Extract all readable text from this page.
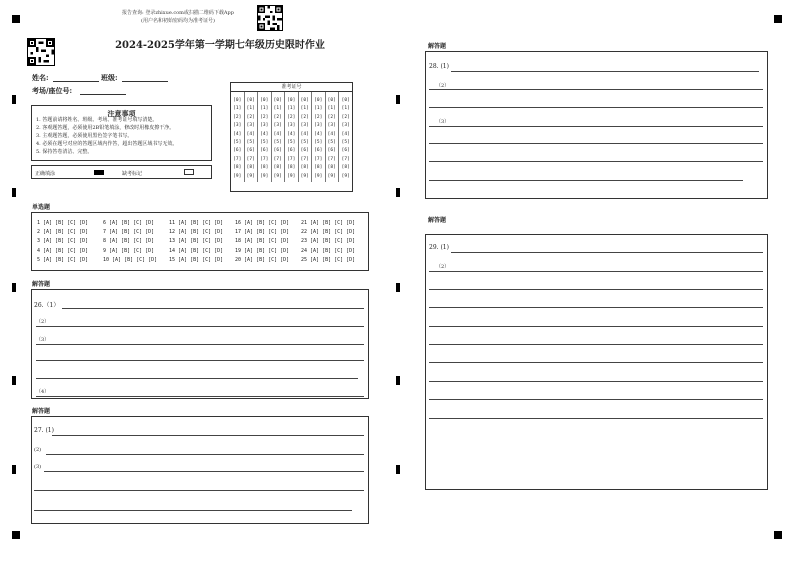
报告查询: 登录zhixue.com或扫描二维码下载App
(用户名和初始密码均为准考证号)
2024-2025学年第一学期七年级历史限时作业
姓名:	班级:
考场/座位号:
注意事项
1. 答题前请将姓名、班级、考场、准考证号填写清楚。
2. 客观题答题，必须使用2B铅笔填涂，修改时用橡皮擦干净。
3. 主观题答题，必须使用黑色签字笔书写。
4. 必须在题号对应的答题区域内作答，超出答题区域书写无效。
5. 保持答卷清洁、完整。
正确填涂	缺考标记
准考证号
[0]
[1]
[2]
[3]
[4]
[5]
[6]
[7]
[8]
[9]
[0]
[1]
[2]
[3]
[4]
[5]
[6]
[7]
[8]
[9]
[0]
[1]
[2]
[3]
[4]
[5]
[6]
[7]
[8]
[9]
[0]
[1]
[2]
[3]
[4]
[5]
[6]
[7]
[8]
[9]
[0]
[1]
[2]
[3]
[4]
[5]
[6]
[7]
[8]
[9]
[0]
[1]
[2]
[3]
[4]
[5]
[6]
[7]
[8]
[9]
[0]
[1]
[2]
[3]
[4]
[5]
[6]
[7]
[8]
[9]
[0]
[1]
[2]
[3]
[4]
[5]
[6]
[7]
[8]
[9]
[0]
[1]
[2]
[3]
[4]
[5]
[6]
[7]
[8]
[9]
单选题
1 [A] [B] [C] [D]
2 [A] [B] [C] [D]
3 [A] [B] [C] [D]
4 [A] [B] [C] [D]
5 [A] [B] [C] [D]
6 [A] [B] [C] [D]
7 [A] [B] [C] [D]
8 [A] [B] [C] [D]
9 [A] [B] [C] [D]
10 [A] [B] [C] [D]
11 [A] [B] [C] [D]
12 [A] [B] [C] [D]
13 [A] [B] [C] [D]
14 [A] [B] [C] [D]
15 [A] [B] [C] [D]
16 [A] [B] [C] [D]
17 [A] [B] [C] [D]
18 [A] [B] [C] [D]
19 [A] [B] [C] [D]
20 [A] [B] [C] [D]
21 [A] [B] [C] [D]
22 [A] [B] [C] [D]
23 [A] [B] [C] [D]
24 [A] [B] [C] [D]
25 [A] [B] [C] [D]
解答题
26.（1）
（2）
（3）
（4）
解答题
27. (1)
(2)
(3)
解答题
28. (1)
（2）
（3）
解答题
29. (1)
（2）
